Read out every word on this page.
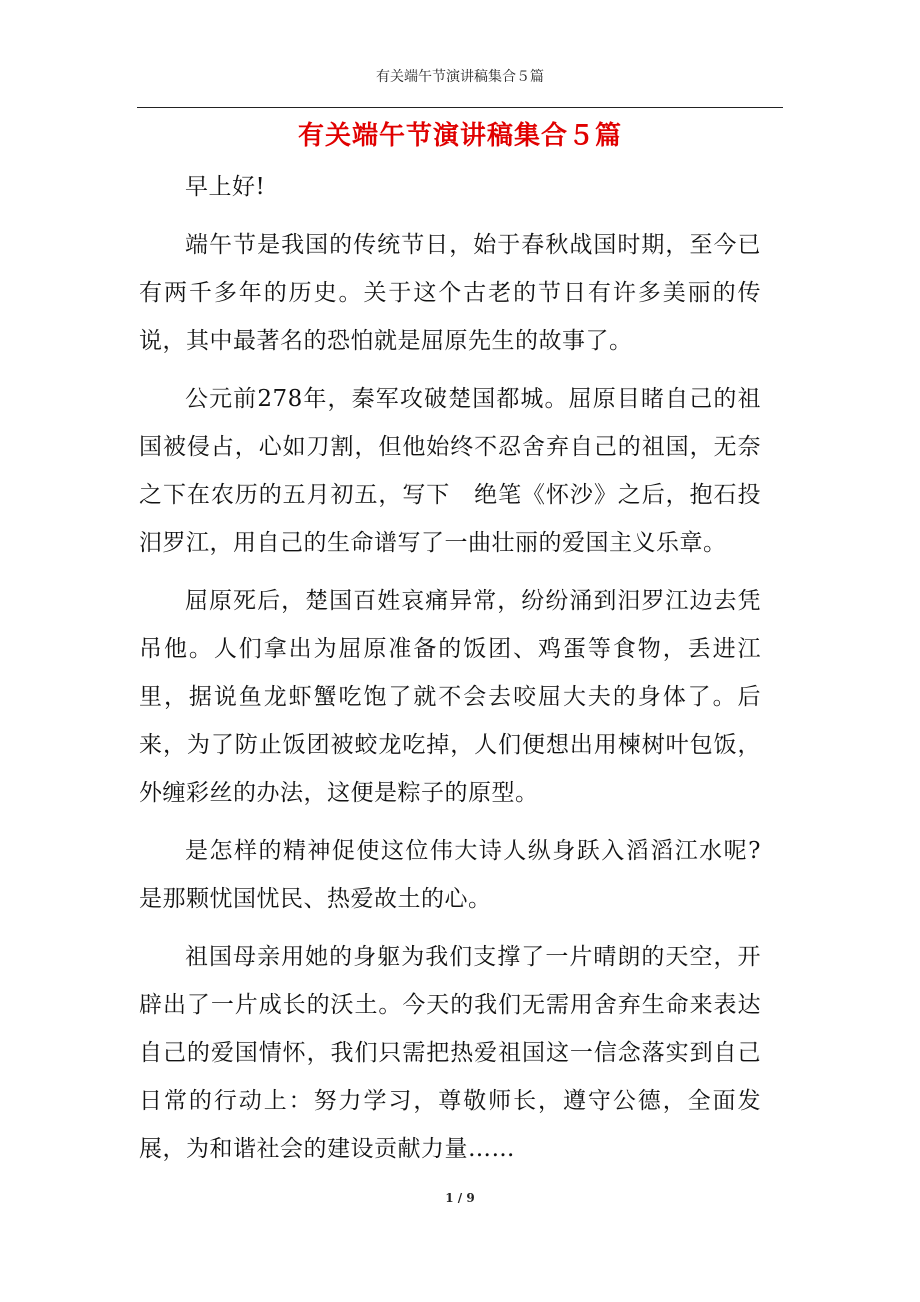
有关端午节演讲稿集合５篇
有关端午节演讲稿集合５篇

早上好!

端午节是我国的传统节日，始于春秋战国时期，至今已有两千多年的历史。关于这个古老的节日有许多美丽的传说，其中最著名的恐怕就是屈原先生的故事了。

公元前278年，秦军攻破楚国都城。屈原目睹自己的祖国被侵占，心如刀割，但他始终不忍舍弃自己的祖国，无奈之下在农历的五月初五，写下　绝笔《怀沙》之后，抱石投汨罗江，用自己的生命谱写了一曲壮丽的爱国主义乐章。

屈原死后，楚国百姓哀痛异常，纷纷涌到汨罗江边去凭吊他。人们拿出为屈原准备的饭团、鸡蛋等食物，丢进江里，据说鱼龙虾蟹吃饱了就不会去咬屈大夫的身体了。后来，为了防止饭团被蛟龙吃掉，人们便想出用楝树叶包饭，外缠彩丝的办法，这便是粽子的原型。

是怎样的精神促使这位伟大诗人纵身跃入滔滔江水呢?是那颗忧国忧民、热爱故土的心。

祖国母亲用她的身躯为我们支撑了一片晴朗的天空，开辟出了一片成长的沃土。今天的我们无需用舍弃生命来表达自己的爱国情怀，我们只需把热爱祖国这一信念落实到自己日常的行动上：努力学习，尊敬师长，遵守公德，全面发展，为和谐社会的建设贡献力量……

1 / 9
